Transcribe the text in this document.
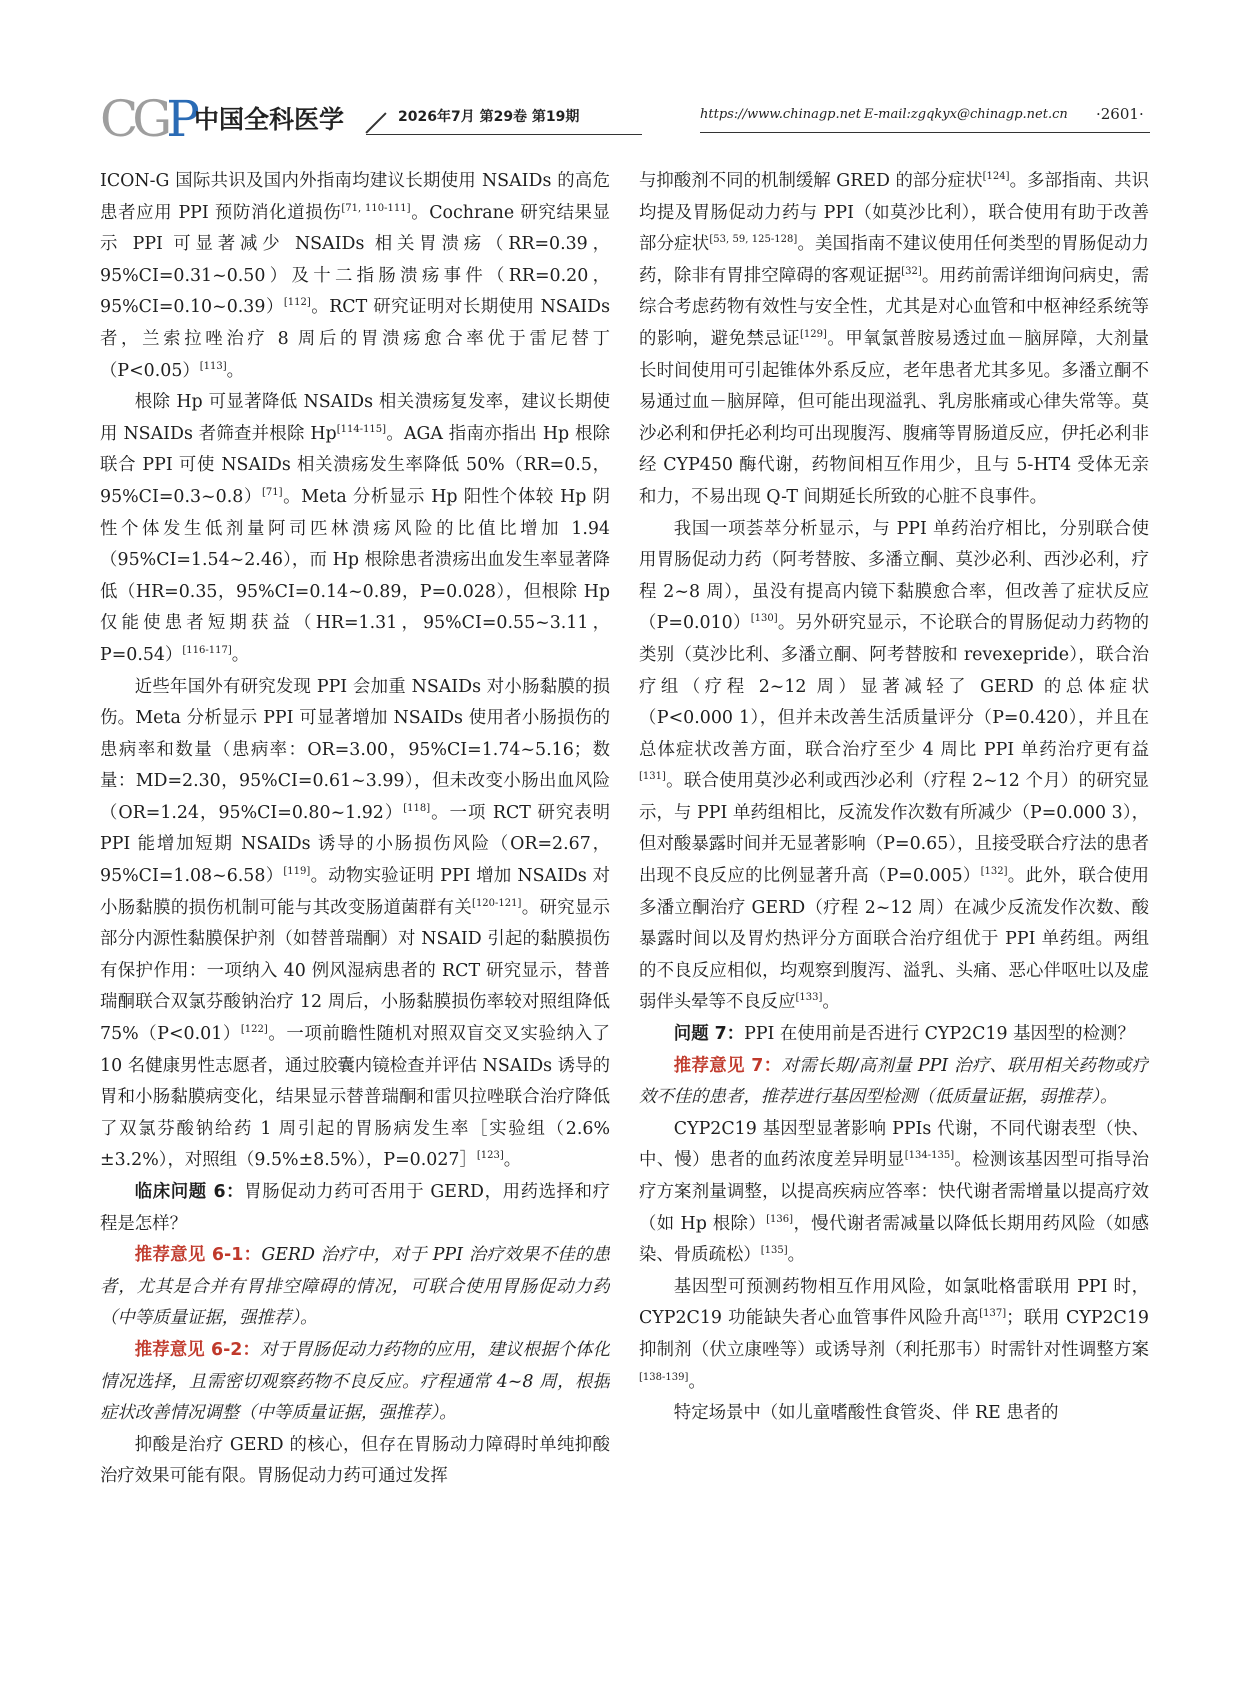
CGP 中国全科医学	2026年7月 第29卷 第19期	https://www.chinagp.net E-mail:zgqkyx@chinagp.net.cn ·2601·

ICON-G 国际共识及国内外指南均建议长期使用 NSAIDs 的高危患者应用 PPI 预防消化道损伤[71, 110-111]。Cochrane 研究结果显示 PPI 可显著减少 NSAIDs 相关胃溃疡（RR=0.39，95%CI=0.31~0.50）及十二指肠溃疡事件（RR=0.20，95%CI=0.10~0.39）[112]。RCT 研究证明对长期使用 NSAIDs 者，兰索拉唑治疗 8 周后的胃溃疡愈合率优于雷尼替丁（P<0.05）[113]。

根除 Hp 可显著降低 NSAIDs 相关溃疡复发率，建议长期使用 NSAIDs 者筛查并根除 Hp[114-115]。AGA 指南亦指出 Hp 根除联合 PPI 可使 NSAIDs 相关溃疡发生率降低 50%（RR=0.5，95%CI=0.3~0.8）[71]。Meta 分析显示 Hp 阳性个体较 Hp 阴性个体发生低剂量阿司匹林溃疡风险的比值比增加 1.94（95%CI=1.54~2.46），而 Hp 根除患者溃疡出血发生率显著降低（HR=0.35，95%CI=0.14~0.89，P=0.028），但根除 Hp 仅能使患者短期获益（HR=1.31，95%CI=0.55~3.11，P=0.54）[116-117]。

近些年国外有研究发现 PPI 会加重 NSAIDs 对小肠黏膜的损伤。Meta 分析显示 PPI 可显著增加 NSAIDs 使用者小肠损伤的患病率和数量（患病率：OR=3.00，95%CI=1.74~5.16；数量：MD=2.30，95%CI=0.61~3.99），但未改变小肠出血风险（OR=1.24，95%CI=0.80~1.92）[118]。一项 RCT 研究表明 PPI 能增加短期 NSAIDs 诱导的小肠损伤风险（OR=2.67，95%CI=1.08~6.58）[119]。动物实验证明 PPI 增加 NSAIDs 对小肠黏膜的损伤机制可能与其改变肠道菌群有关[120-121]。研究显示部分内源性黏膜保护剂（如替普瑞酮）对 NSAID 引起的黏膜损伤有保护作用：一项纳入 40 例风湿病患者的 RCT 研究显示，替普瑞酮联合双氯芬酸钠治疗 12 周后，小肠黏膜损伤率较对照组降低 75%（P<0.01）[122]。一项前瞻性随机对照双盲交叉实验纳入了 10 名健康男性志愿者，通过胶囊内镜检查并评估 NSAIDs 诱导的胃和小肠黏膜病变化，结果显示替普瑞酮和雷贝拉唑联合治疗降低了双氯芬酸钠给药 1 周引起的胃肠病发生率［实验组（2.6%±3.2%），对照组（9.5%±8.5%），P=0.027］[123]。

临床问题 6：胃肠促动力药可否用于 GERD，用药选择和疗程是怎样？

推荐意见 6-1：GERD 治疗中，对于 PPI 治疗效果不佳的患者，尤其是合并有胃排空障碍的情况，可联合使用胃肠促动力药（中等质量证据，强推荐）。

推荐意见 6-2：对于胃肠促动力药物的应用，建议根据个体化情况选择，且需密切观察药物不良反应。疗程通常 4~8 周，根据症状改善情况调整（中等质量证据，强推荐）。

抑酸是治疗 GERD 的核心，但存在胃肠动力障碍时单纯抑酸治疗效果可能有限。胃肠促动力药可通过发挥

与抑酸剂不同的机制缓解 GRED 的部分症状[124]。多部指南、共识均提及胃肠促动力药与 PPI（如莫沙比利），联合使用有助于改善部分症状[53, 59, 125-128]。美国指南不建议使用任何类型的胃肠促动力药，除非有胃排空障碍的客观证据[32]。用药前需详细询问病史，需综合考虑药物有效性与安全性，尤其是对心血管和中枢神经系统等的影响，避免禁忌证[129]。甲氧氯普胺易透过血－脑屏障，大剂量长时间使用可引起锥体外系反应，老年患者尤其多见。多潘立酮不易通过血－脑屏障，但可能出现溢乳、乳房胀痛或心律失常等。莫沙必利和伊托必利均可出现腹泻、腹痛等胃肠道反应，伊托必利非经 CYP450 酶代谢，药物间相互作用少，且与 5-HT4 受体无亲和力，不易出现 Q-T 间期延长所致的心脏不良事件。

我国一项荟萃分析显示，与 PPI 单药治疗相比，分别联合使用胃肠促动力药（阿考替胺、多潘立酮、莫沙必利、西沙必利，疗程 2~8 周），虽没有提高内镜下黏膜愈合率，但改善了症状反应（P=0.010）[130]。另外研究显示，不论联合的胃肠促动力药物的类别（莫沙比利、多潘立酮、阿考替胺和 revexepride），联合治疗组（疗程 2~12 周）显著减轻了 GERD 的总体症状（P<0.000 1），但并未改善生活质量评分（P=0.420），并且在总体症状改善方面，联合治疗至少 4 周比 PPI 单药治疗更有益[131]。联合使用莫沙必利或西沙必利（疗程 2~12 个月）的研究显示，与 PPI 单药组相比，反流发作次数有所减少（P=0.000 3），但对酸暴露时间并无显著影响（P=0.65），且接受联合疗法的患者出现不良反应的比例显著升高（P=0.005）[132]。此外，联合使用多潘立酮治疗 GERD（疗程 2~12 周）在减少反流发作次数、酸暴露时间以及胃灼热评分方面联合治疗组优于 PPI 单药组。两组的不良反应相似，均观察到腹泻、溢乳、头痛、恶心伴呕吐以及虚弱伴头晕等不良反应[133]。

问题 7：PPI 在使用前是否进行 CYP2C19 基因型的检测？

推荐意见 7：对需长期/高剂量 PPI 治疗、联用相关药物或疗效不佳的患者，推荐进行基因型检测（低质量证据，弱推荐）。

CYP2C19 基因型显著影响 PPIs 代谢，不同代谢表型（快、中、慢）患者的血药浓度差异明显[134-135]。检测该基因型可指导治疗方案剂量调整，以提高疾病应答率：快代谢者需增量以提高疗效（如 Hp 根除）[136]，慢代谢者需减量以降低长期用药风险（如感染、骨质疏松）[135]。

基因型可预测药物相互作用风险，如氯吡格雷联用 PPI 时，CYP2C19 功能缺失者心血管事件风险升高[137]；联用 CYP2C19 抑制剂（伏立康唑等）或诱导剂（利托那韦）时需针对性调整方案[138-139]。

特定场景中（如儿童嗜酸性食管炎、伴 RE 患者的
